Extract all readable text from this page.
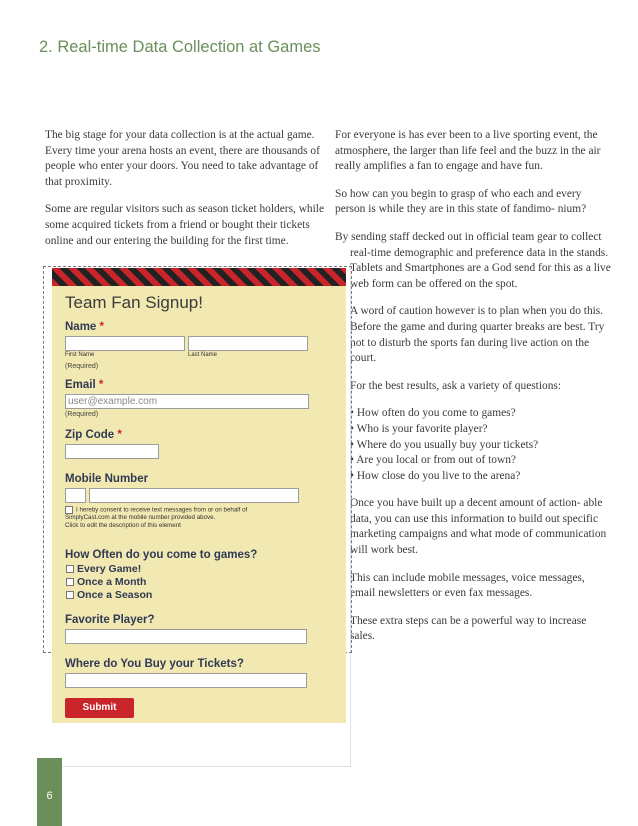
2. Real-time Data Collection at Games

The big stage for your data collection is at the actual game. Every time your arena hosts an event, there are thousands of people who enter your doors. You need to take advantage of that proximity.

Some are regular visitors such as season ticket holders, while some acquired tickets from a friend or bought their tickets online and our entering the building for the first time.

For everyone is has ever been to a live sporting event, the atmosphere, the larger than life feel and the buzz in the air really amplifies a fan to engage and have fun.

So how can you begin to grasp of who each and every person is while they are in this state of fandimo- nium?

By sending staff decked out in official team gear to collect real-time demographic and preference data in the stands. Tablets and Smartphones are a God send for this as a live web form can be offered on the spot.

A word of caution however is to plan when you do this. Before the game and during quarter breaks are best. Try not to disturb the sports fan during live action on the court.

For the best results, ask a variety of questions:

• How often do you come to games?
• Who is your favorite player?
• Where do you usually buy your tickets?
• Are you local or from out of town?
• How close do you live to the arena?

Once you have built up a decent amount of action- able data, you can use this information to build out specific marketing campaigns and what mode of communication will work best.

This can include mobile messages, voice messages, email newsletters or even fax messages.

These extra steps can be a powerful way to increase sales.

Team Fan Signup!
Name *
First Name	Last Name
(Required)
Email *
user@example.com
(Required)
Zip Code *
Mobile Number
I hereby consent to receive text messages from or on behalf of
SimplyCast.com at the mobile number provided above.
Click to edit the description of this element
How Often do you come to games?
Every Game!
Once a Month
Once a Season
Favorite Player?
Where do You Buy your Tickets?
Submit
6
